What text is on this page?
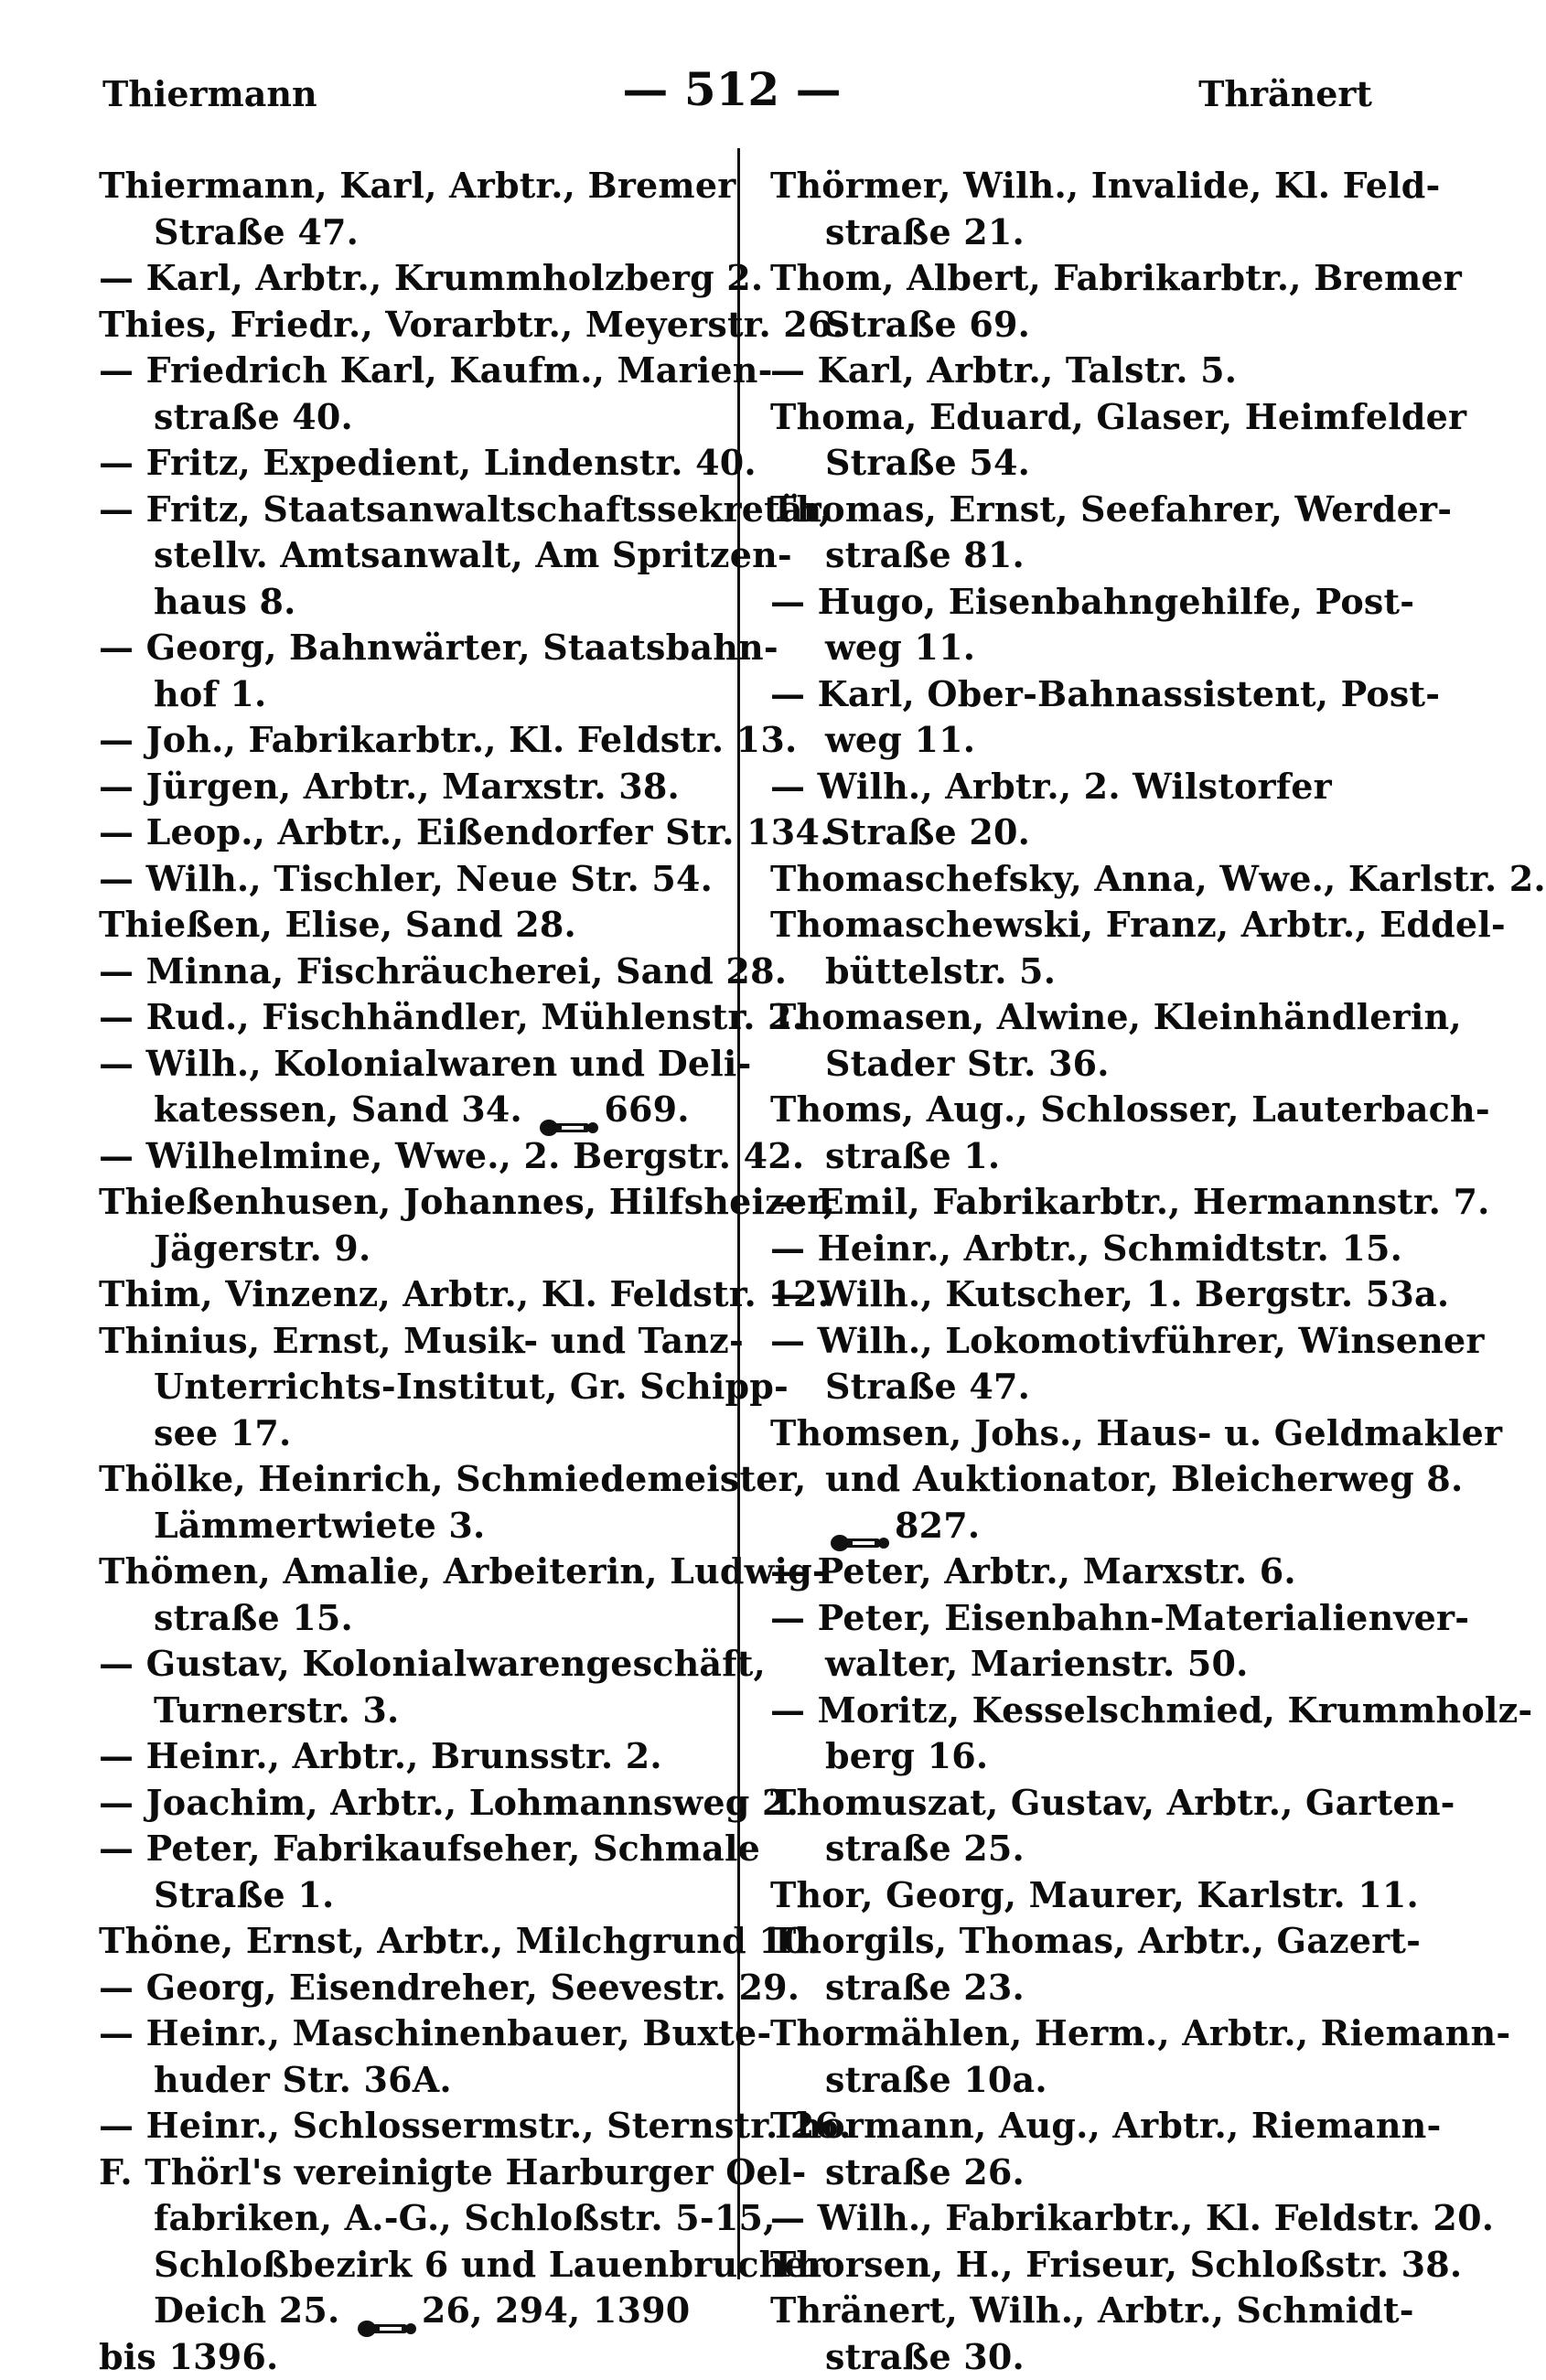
Thiermann	— 512 —	Thränert
Thiermann, Karl, Arbtr., Bremer
Straße 47.
— Karl, Arbtr., Krummholzberg 2.
Thies, Friedr., Vorarbtr., Meyerstr. 26.
— Friedrich Karl, Kaufm., Marien-
straße 40.
— Fritz, Expedient, Lindenstr. 40.
— Fritz, Staatsanwaltschaftssekretär,
stellv. Amtsanwalt, Am Spritzen-
haus 8.
— Georg, Bahnwärter, Staatsbahn-
hof 1.
— Joh., Fabrikarbtr., Kl. Feldstr. 13.
— Jürgen, Arbtr., Marxstr. 38.
— Leop., Arbtr., Eißendorfer Str. 134.
— Wilh., Tischler, Neue Str. 54.
Thießen, Elise, Sand 28.
— Minna, Fischräucherei, Sand 28.
— Rud., Fischhändler, Mühlenstr. 2.
— Wilh., Kolonialwaren und Deli-
katessen, Sand 34. 669.
— Wilhelmine, Wwe., 2. Bergstr. 42.
Thießenhusen, Johannes, Hilfsheizer,
Jägerstr. 9.
Thim, Vinzenz, Arbtr., Kl. Feldstr. 12.
Thinius, Ernst, Musik- und Tanz-
Unterrichts-Institut, Gr. Schipp-
see 17.
Thölke, Heinrich, Schmiedemeister,
Lämmertwiete 3.
Thömen, Amalie, Arbeiterin, Ludwig-
straße 15.
— Gustav, Kolonialwarengeschäft,
Turnerstr. 3.
— Heinr., Arbtr., Brunsstr. 2.
— Joachim, Arbtr., Lohmannsweg 2.
— Peter, Fabrikaufseher, Schmale
Straße 1.
Thöne, Ernst, Arbtr., Milchgrund 10.
— Georg, Eisendreher, Seevestr. 29.
— Heinr., Maschinenbauer, Buxte-
huder Str. 36A.
— Heinr., Schlossermstr., Sternstr. 26.
F. Thörl's vereinigte Harburger Oel-
fabriken, A.-G., Schloßstr. 5-15,
Schloßbezirk 6 und Lauenbrucher
Deich 25. 26, 294, 1390
bis 1396.
Thörmer, Wilh., Invalide, Kl. Feld-
straße 21.
Thom, Albert, Fabrikarbtr., Bremer
Straße 69.
— Karl, Arbtr., Talstr. 5.
Thoma, Eduard, Glaser, Heimfelder
Straße 54.
Thomas, Ernst, Seefahrer, Werder-
straße 81.
— Hugo, Eisenbahngehilfe, Post-
weg 11.
— Karl, Ober-Bahnassistent, Post-
weg 11.
— Wilh., Arbtr., 2. Wilstorfer
Straße 20.
Thomaschefsky, Anna, Wwe., Karlstr. 2.
Thomaschewski, Franz, Arbtr., Eddel-
büttelstr. 5.
Thomasen, Alwine, Kleinhändlerin,
Stader Str. 36.
Thoms, Aug., Schlosser, Lauterbach-
straße 1.
— Emil, Fabrikarbtr., Hermannstr. 7.
— Heinr., Arbtr., Schmidtstr. 15.
— Wilh., Kutscher, 1. Bergstr. 53a.
— Wilh., Lokomotivführer, Winsener
Straße 47.
Thomsen, Johs., Haus- u. Geldmakler
und Auktionator, Bleicherweg 8.
827.
— Peter, Arbtr., Marxstr. 6.
— Peter, Eisenbahn-Materialienver-
walter, Marienstr. 50.
— Moritz, Kesselschmied, Krummholz-
berg 16.
Thomuszat, Gustav, Arbtr., Garten-
straße 25.
Thor, Georg, Maurer, Karlstr. 11.
Thorgils, Thomas, Arbtr., Gazert-
straße 23.
Thormählen, Herm., Arbtr., Riemann-
straße 10a.
Thormann, Aug., Arbtr., Riemann-
straße 26.
— Wilh., Fabrikarbtr., Kl. Feldstr. 20.
Thorsen, H., Friseur, Schloßstr. 38.
Thränert, Wilh., Arbtr., Schmidt-
straße 30.
